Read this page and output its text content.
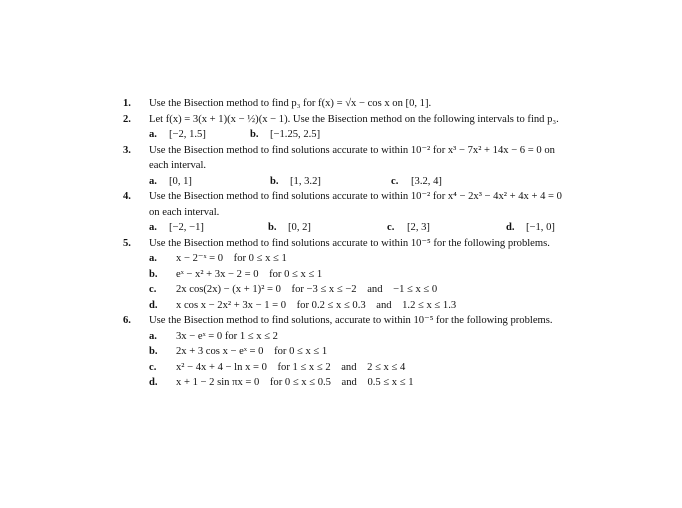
1. Use the Bisection method to find p₃ for f(x) = √x − cos x on [0, 1].
2. Let f(x) = 3(x + 1)(x − ½)(x − 1). Use the Bisection method on the following intervals to find p₃.
a.	[−2, 1.5]	b.	[−1.25, 2.5]
3. Use the Bisection method to find solutions accurate to within 10⁻² for x³ − 7x² + 14x − 6 = 0 on
each interval.
a.	[0, 1]	b.	[1, 3.2]	c.	[3.2, 4]
4. Use the Bisection method to find solutions accurate to within 10⁻² for x⁴ − 2x³ − 4x² + 4x + 4 = 0
on each interval.
a.	[−2, −1]	b.	[0, 2]	c.	[2, 3]	d.	[−1, 0]
5. Use the Bisection method to find solutions accurate to within 10⁻⁵ for the following problems.
a. x − 2⁻ˣ = 0    for 0 ≤ x ≤ 1
b. eˣ − x² + 3x − 2 = 0    for 0 ≤ x ≤ 1
c. 2x cos(2x) − (x + 1)² = 0    for −3 ≤ x ≤ −2    and    −1 ≤ x ≤ 0
d. x cos x − 2x² + 3x − 1 = 0    for 0.2 ≤ x ≤ 0.3    and    1.2 ≤ x ≤ 1.3
6. Use the Bisection method to find solutions, accurate to within 10⁻⁵ for the following problems.
a. 3x − eˣ = 0 for 1 ≤ x ≤ 2
b. 2x + 3 cos x − eˣ = 0    for 0 ≤ x ≤ 1
c. x² − 4x + 4 − ln x = 0    for 1 ≤ x ≤ 2    and    2 ≤ x ≤ 4
d. x + 1 − 2 sin πx = 0    for 0 ≤ x ≤ 0.5    and    0.5 ≤ x ≤ 1
